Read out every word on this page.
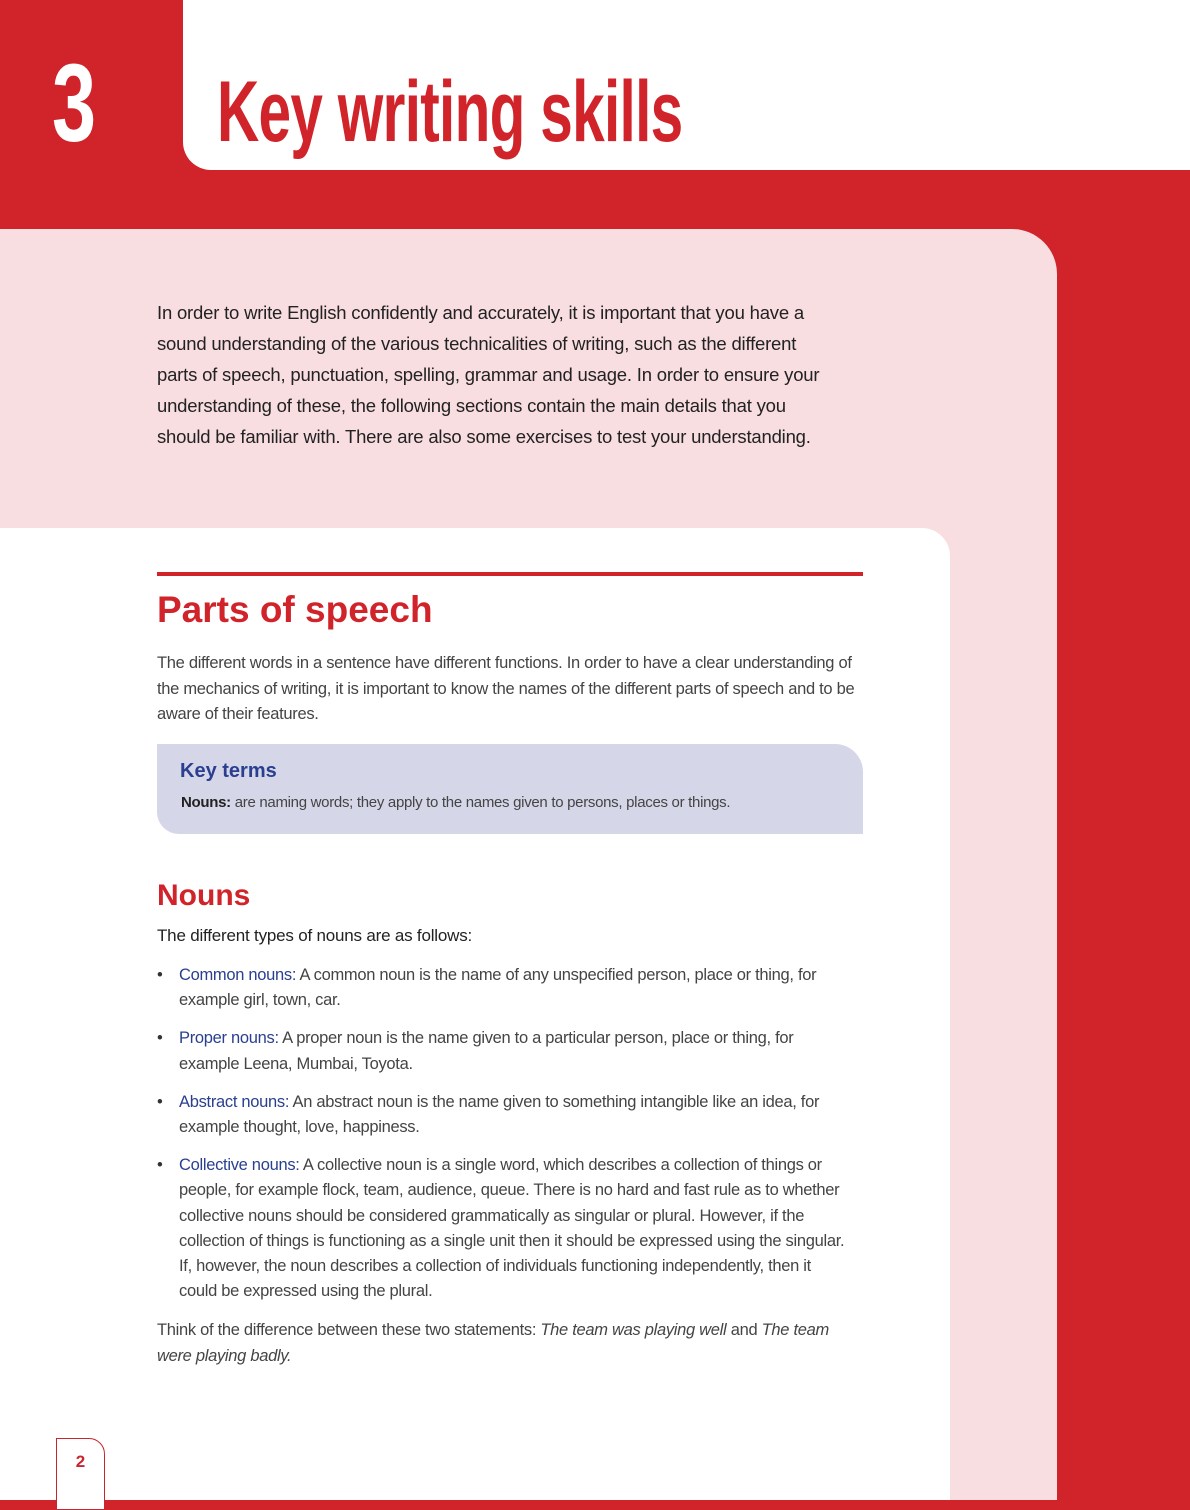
3 Key writing skills
In order to write English confidently and accurately, it is important that you have a sound understanding of the various technicalities of writing, such as the different parts of speech, punctuation, spelling, grammar and usage. In order to ensure your understanding of these, the following sections contain the main details that you should be familiar with. There are also some exercises to test your understanding.
Parts of speech
The different words in a sentence have different functions. In order to have a clear understanding of the mechanics of writing, it is important to know the names of the different parts of speech and to be aware of their features.
Key terms
Nouns: are naming words; they apply to the names given to persons, places or things.
Nouns
The different types of nouns are as follows:
• Common nouns: A common noun is the name of any unspecified person, place or thing, for example girl, town, car.
• Proper nouns: A proper noun is the name given to a particular person, place or thing, for example Leena, Mumbai, Toyota.
• Abstract nouns: An abstract noun is the name given to something intangible like an idea, for example thought, love, happiness.
• Collective nouns: A collective noun is a single word, which describes a collection of things or people, for example flock, team, audience, queue. There is no hard and fast rule as to whether collective nouns should be considered grammatically as singular or plural. However, if the collection of things is functioning as a single unit then it should be expressed using the singular. If, however, the noun describes a collection of individuals functioning independently, then it could be expressed using the plural.
Think of the difference between these two statements: The team was playing well and The team were playing badly.
2
